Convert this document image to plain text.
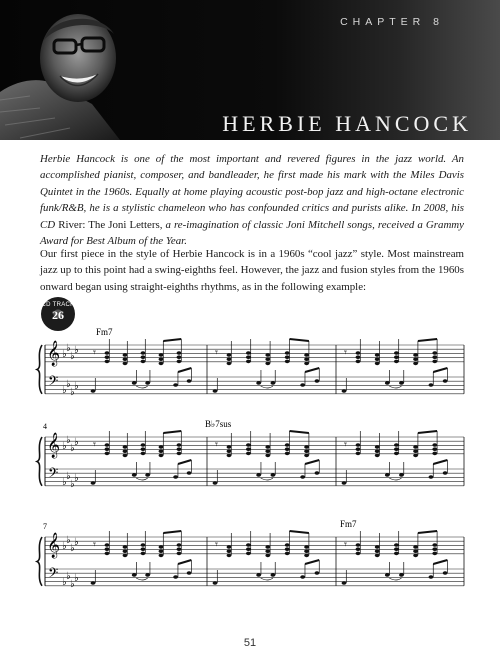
CHAPTER 8
HERBIE HANCOCK

Herbie Hancock is one of the most important and revered figures in the jazz world. An accomplished pianist, composer, and bandleader, he first made his mark with the Miles Davis Quintet in the 1960s. Equally at home playing acoustic post-bop jazz and high-octane electronic funk/R&B, he is a stylistic chameleon who has confounded critics and purists alike. In 2008, his CD River: The Joni Letters, a re-imagination of classic Joni Mitchell songs, received a Grammy Award for Best Album of the Year.

Our first piece in the style of Herbie Hancock is in a 1960s “cool jazz” style. Most mainstream jazz up to this point had a swing-eighths feel. However, the jazz and fusion styles from the 1960s onward began using straight-eighths rhythms, as in the following example:

CD TRACK
26
𝄞
𝄢
♭
♭
♭
♭
♭
♭
♭
♭
Fm7
𝄾	𝄾	𝄾
𝄞
𝄢
♭
♭
♭
♭
♭
♭
♭
♭
4	B♭7sus
𝄾	𝄾	𝄾
𝄞
𝄢
♭
♭
♭
♭
♭
♭
♭
♭
7	Fm7
𝄾	𝄾	𝄾
51
